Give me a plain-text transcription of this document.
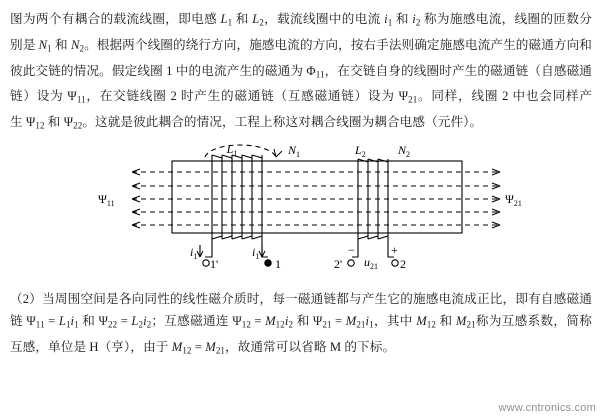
图为两个有耦合的载流线圈，即电感 $L_1$ 和 $L_2$，载流线圈中的电流 $i_1$ 和 $i_2$ 称为施感电流，线圈的匝数分别是 $N_1$ 和 $N_2$。根据两个线圈的绕行方向，施感电流的方向，按右手法则确定施感电流产生的磁通方向和彼此交链的情况。假定线圈 1 中的电流产生的磁通为 $\Phi_{11}$，在交链自身的线圈时产生的磁通链（自感磁通链）设为 $\Psi_{11}$，在交链线圈 2 时产生的磁通链（互感磁通链）设为 $\Psi_{21}$。同样，线圈 2 中也会同样产生 $\Psi_{12}$ 和 $\Psi_{22}$。这就是彼此耦合的情况，工程上称这对耦合线圈为耦合电感（元件）。

$L_1$	$N_1$	$L_2$	$N_2$
$\Psi_{11}$	$\Psi_{21}$
$i_1$	$i_1$
1'	1	2'	2
$u_{21}$
−	+

（2）当周围空间是各向同性的线性磁介质时，每一磁通链都与产生它的施感电流成正比，即有自感磁通链 $\Psi_{11} = L_1i_1$ 和 $\Psi_{22} = L_2i_2$；互感磁通连 $\Psi_{12} = M_{12}i_2$ 和 $\Psi_{21} = M_{21}i_1$，其中 $M_{12}$ 和 $M_{21}$称为互感系数，简称互感，单位是 H（亨），由于 $M_{12} = M_{21}$，故通常可以省略 M 的下标。

www.cntronics.com
